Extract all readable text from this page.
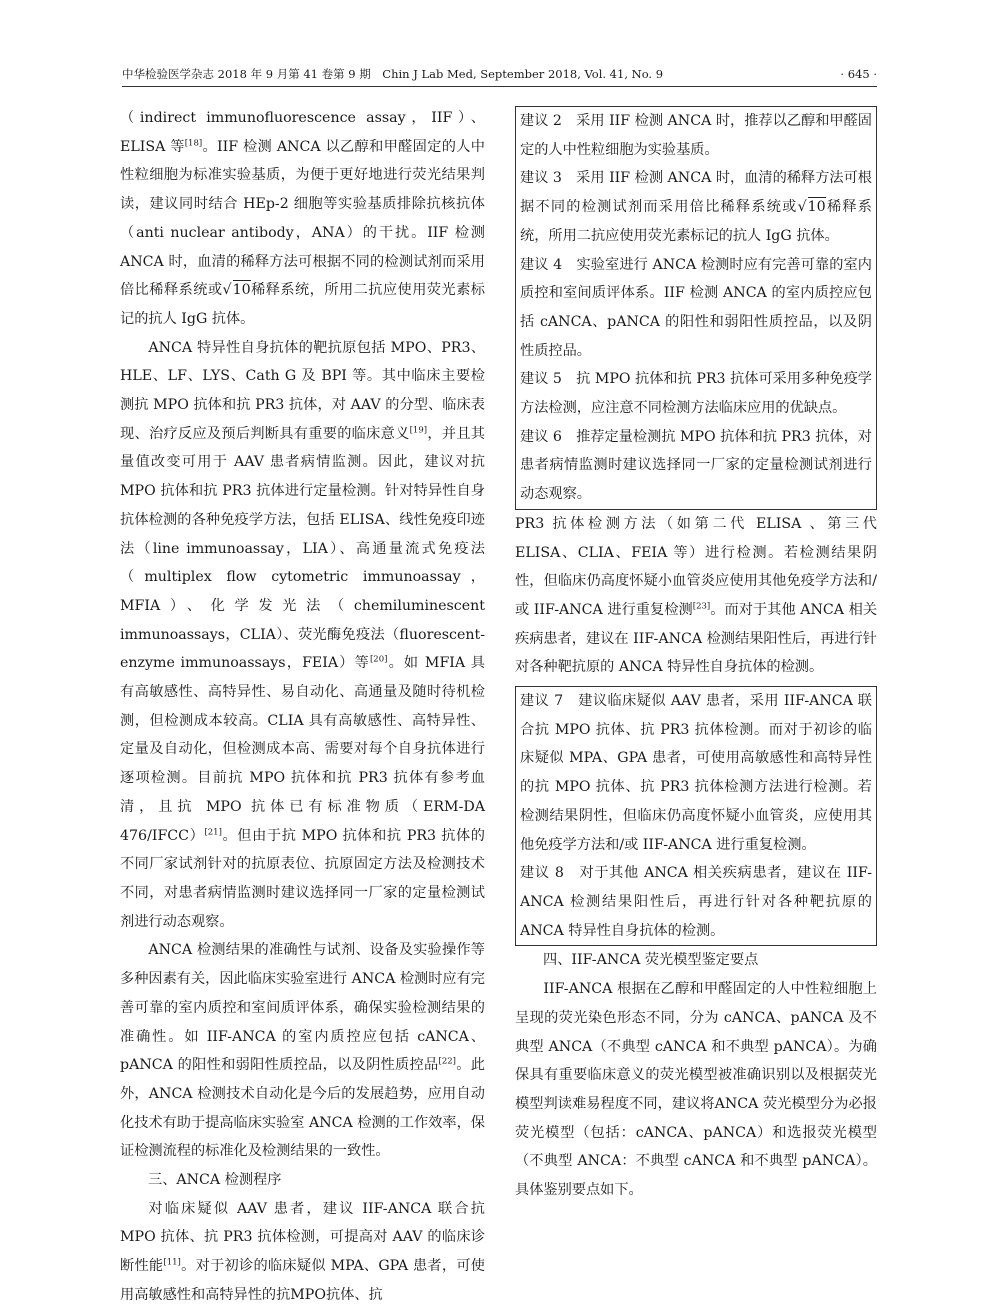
中华检验医学杂志 2018 年 9 月第 41 卷第 9 期　Chin J Lab Med, September 2018, Vol. 41, No. 9	· 645 ·

（indirect immunofluorescence assay，IIF）、ELISA 等[18]。IIF 检测 ANCA 以乙醇和甲醛固定的人中性粒细胞为标准实验基质，为便于更好地进行荧光结果判读，建议同时结合 HEp-2 细胞等实验基质排除抗核抗体（anti nuclear antibody，ANA）的干扰。IIF 检测 ANCA 时，血清的稀释方法可根据不同的检测试剂而采用倍比稀释系统或√10稀释系统，所用二抗应使用荧光素标记的抗人 IgG 抗体。

ANCA 特异性自身抗体的靶抗原包括 MPO、PR3、HLE、LF、LYS、Cath G 及 BPI 等。其中临床主要检测抗 MPO 抗体和抗 PR3 抗体，对 AAV 的分型、临床表现、治疗反应及预后判断具有重要的临床意义[19]，并且其量值改变可用于 AAV 患者病情监测。因此，建议对抗 MPO 抗体和抗 PR3 抗体进行定量检测。针对特异性自身抗体检测的各种免疫学方法，包括 ELISA、线性免疫印迹法（line immunoassay，LIA）、高通量流式免疫法（multiplex flow cytometric immunoassay，MFIA）、化学发光法（chemiluminescent immunoassays，CLIA）、荧光酶免疫法（fluorescent-enzyme immunoassays，FEIA）等[20]。如 MFIA 具有高敏感性、高特异性、易自动化、高通量及随时待机检测，但检测成本较高。CLIA 具有高敏感性、高特异性、定量及自动化，但检测成本高、需要对每个自身抗体进行逐项检测。目前抗 MPO 抗体和抗 PR3 抗体有参考血清，且抗 MPO 抗体已有标准物质（ERM-DA 476/IFCC）[21]。但由于抗 MPO 抗体和抗 PR3 抗体的不同厂家试剂针对的抗原表位、抗原固定方法及检测技术不同，对患者病情监测时建议选择同一厂家的定量检测试剂进行动态观察。

ANCA 检测结果的准确性与试剂、设备及实验操作等多种因素有关，因此临床实验室进行 ANCA 检测时应有完善可靠的室内质控和室间质评体系，确保实验检测结果的准确性。如 IIF-ANCA 的室内质控应包括 cANCA、pANCA 的阳性和弱阳性质控品，以及阴性质控品[22]。此外，ANCA 检测技术自动化是今后的发展趋势，应用自动化技术有助于提高临床实验室 ANCA 检测的工作效率，保证检测流程的标准化及检测结果的一致性。

三、ANCA 检测程序

对临床疑似 AAV 患者，建议 IIF-ANCA 联合抗 MPO 抗体、抗 PR3 抗体检测，可提高对 AAV 的临床诊断性能[11]。对于初诊的临床疑似 MPA、GPA 患者，可使用高敏感性和高特异性的抗MPO抗体、抗

建议 2　采用 IIF 检测 ANCA 时，推荐以乙醇和甲醛固定的人中性粒细胞为实验基质。

建议 3　采用 IIF 检测 ANCA 时，血清的稀释方法可根据不同的检测试剂而采用倍比稀释系统或√10稀释系统，所用二抗应使用荧光素标记的抗人 IgG 抗体。

建议 4　实验室进行 ANCA 检测时应有完善可靠的室内质控和室间质评体系。IIF 检测 ANCA 的室内质控应包括 cANCA、pANCA 的阳性和弱阳性质控品，以及阴性质控品。

建议 5　抗 MPO 抗体和抗 PR3 抗体可采用多种免疫学方法检测，应注意不同检测方法临床应用的优缺点。

建议 6　推荐定量检测抗 MPO 抗体和抗 PR3 抗体，对患者病情监测时建议选择同一厂家的定量检测试剂进行动态观察。

PR3 抗体检测方法（如第二代 ELISA 、第三代 ELISA、CLIA、FEIA 等）进行检测。若检测结果阴性，但临床仍高度怀疑小血管炎应使用其他免疫学方法和/或 IIF-ANCA 进行重复检测[23]。而对于其他 ANCA 相关疾病患者，建议在 IIF-ANCA 检测结果阳性后，再进行针对各种靶抗原的 ANCA 特异性自身抗体的检测。

建议 7　建议临床疑似 AAV 患者，采用 IIF-ANCA 联合抗 MPO 抗体、抗 PR3 抗体检测。而对于初诊的临床疑似 MPA、GPA 患者，可使用高敏感性和高特异性的抗 MPO 抗体、抗 PR3 抗体检测方法进行检测。若检测结果阴性，但临床仍高度怀疑小血管炎，应使用其他免疫学方法和/或 IIF-ANCA 进行重复检测。

建议 8　对于其他 ANCA 相关疾病患者，建议在 IIF-ANCA 检测结果阳性后，再进行针对各种靶抗原的 ANCA 特异性自身抗体的检测。

四、IIF-ANCA 荧光模型鉴定要点

IIF-ANCA 根据在乙醇和甲醛固定的人中性粒细胞上呈现的荧光染色形态不同，分为 cANCA、pANCA 及不典型 ANCA（不典型 cANCA 和不典型 pANCA）。为确保具有重要临床意义的荧光模型被准确识别以及根据荧光模型判读难易程度不同，建议将ANCA 荧光模型分为必报荧光模型（包括：cANCA、pANCA）和选报荧光模型（不典型 ANCA：不典型 cANCA 和不典型 pANCA）。具体鉴别要点如下。
